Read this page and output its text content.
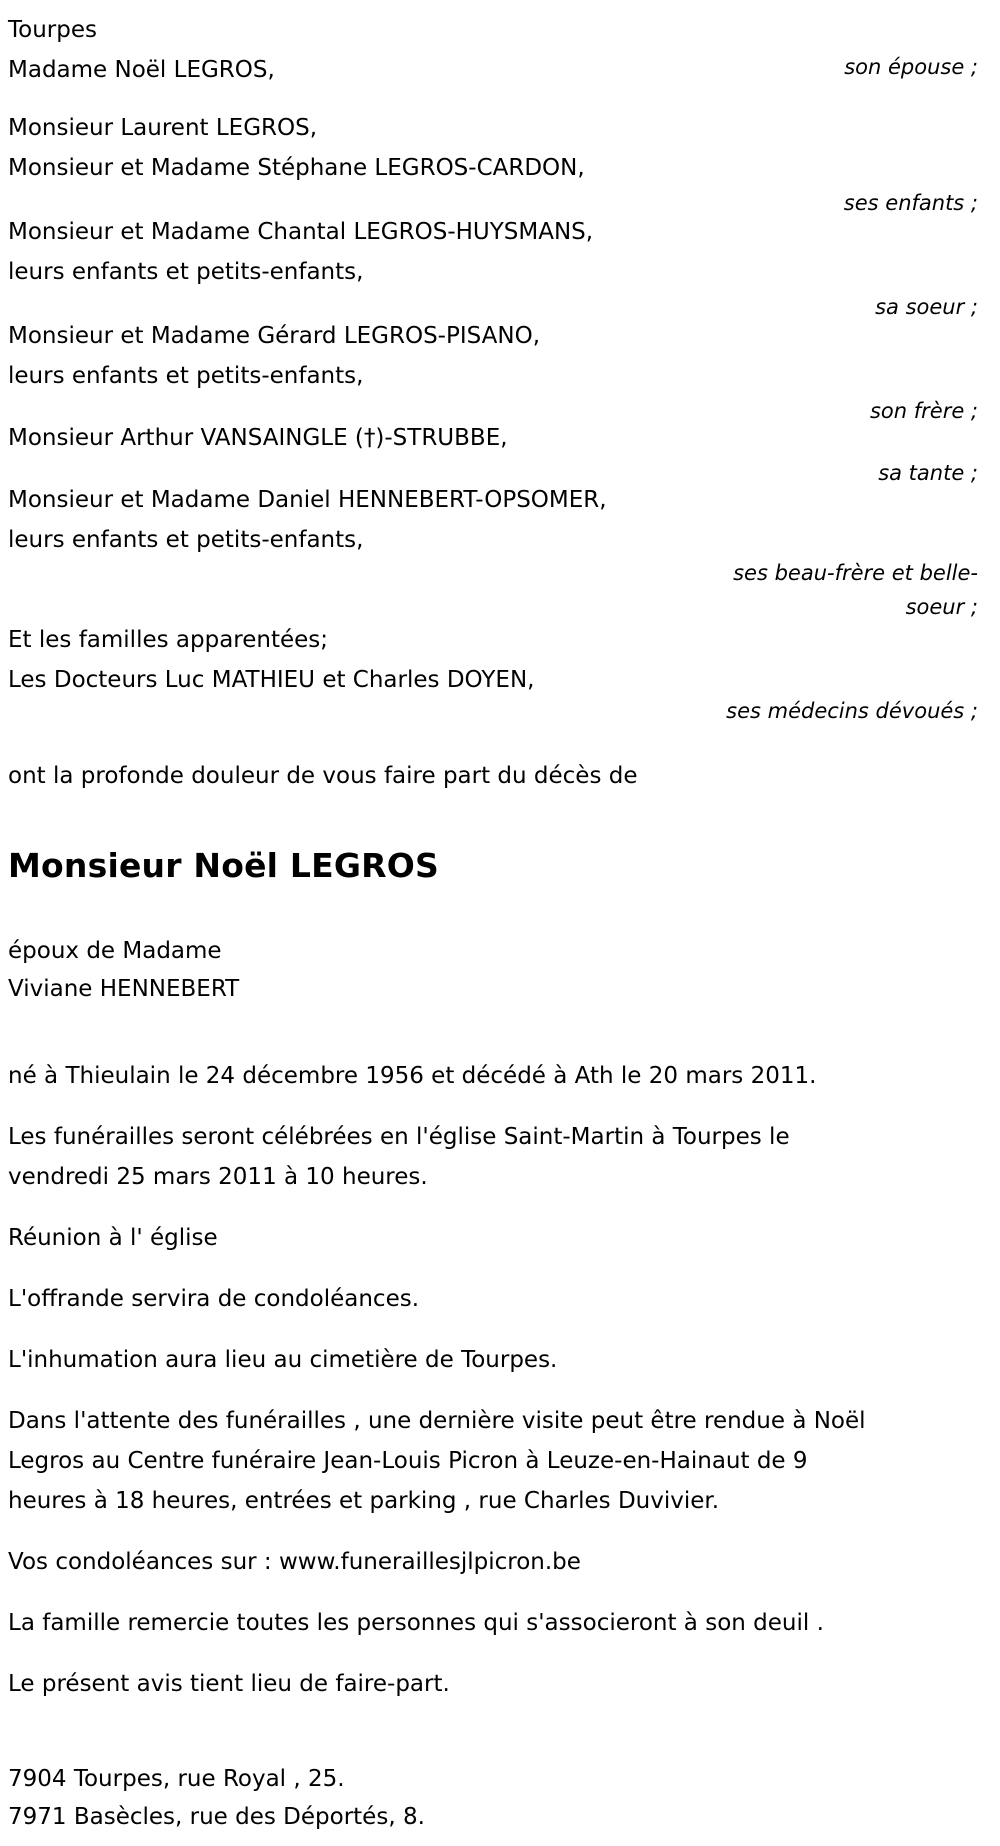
Tourpes
Madame Noël LEGROS,	son épouse ;
Monsieur Laurent LEGROS,
Monsieur et Madame Stéphane LEGROS-CARDON,
ses enfants ;
Monsieur et Madame Chantal LEGROS-HUYSMANS,
leurs enfants et petits-enfants,
sa soeur ;
Monsieur et Madame Gérard LEGROS-PISANO,
leurs enfants et petits-enfants,
son frère ;
Monsieur Arthur VANSAINGLE (†)-STRUBBE,
sa tante ;
Monsieur et Madame Daniel HENNEBERT-OPSOMER,
leurs enfants et petits-enfants,
ses beau-frère et belle-soeur ;
Et les familles apparentées;
Les Docteurs Luc MATHIEU et Charles DOYEN,
ses médecins dévoués ;
ont la profonde douleur de vous faire part du décès de
Monsieur Noël LEGROS
époux de Madame
Viviane HENNEBERT

né à Thieulain le 24 décembre 1956 et décédé à Ath le 20 mars 2011.

Les funérailles seront célébrées en l'église Saint-Martin à Tourpes le vendredi 25 mars 2011 à 10 heures.

Réunion à l' église

L'offrande servira de condoléances.

L'inhumation aura lieu au cimetière de Tourpes.

Dans l'attente des funérailles , une dernière visite peut être rendue à Noël Legros au Centre funéraire Jean-Louis Picron à Leuze-en-Hainaut de 9 heures à 18 heures, entrées et parking , rue Charles Duvivier.

Vos condoléances sur : www.funeraillesjlpicron.be

La famille remercie toutes les personnes qui s'associeront à son deuil .

Le présent avis tient lieu de faire-part.

7904 Tourpes, rue Royal , 25.
7971 Basècles, rue des Déportés, 8.
